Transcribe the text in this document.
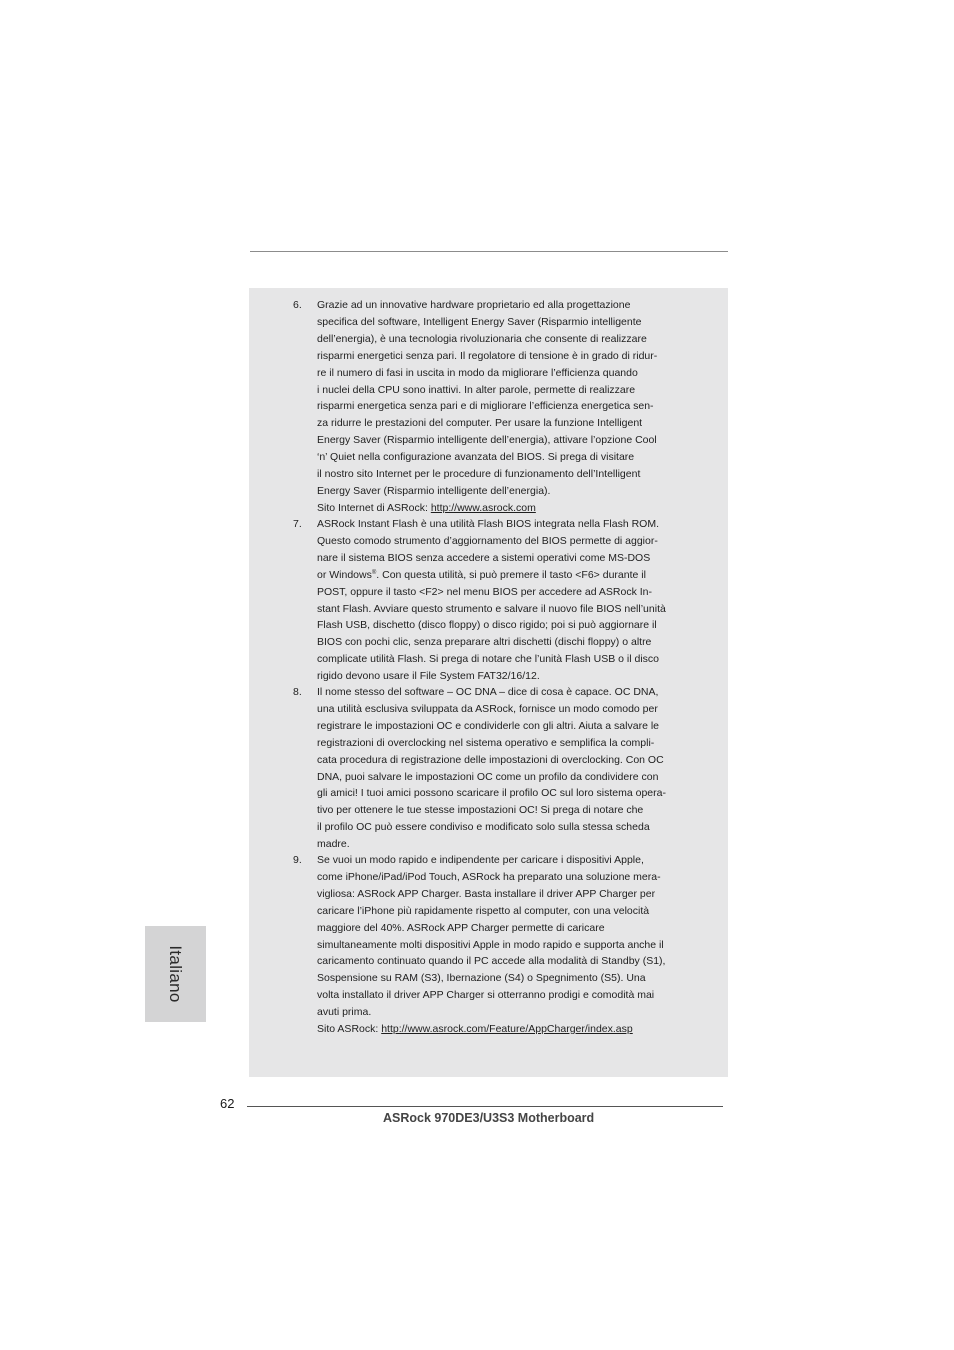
6. Grazie ad un innovative hardware proprietario ed alla progettazione
specifica del software, Intelligent Energy Saver (Risparmio intelligente
dell’energia), è una tecnologia rivoluzionaria che consente di realizzare
risparmi energetici senza pari. Il regolatore di tensione è in grado di ridur-
re il numero di fasi in uscita in modo da migliorare l’efficienza quando
i nuclei della CPU sono inattivi. In alter parole, permette di realizzare
risparmi energetica senza pari e di migliorare l’efficienza energetica sen-
za ridurre le prestazioni del computer. Per usare la funzione Intelligent
Energy Saver (Risparmio intelligente dell’energia), attivare l’opzione Cool
‘n’ Quiet nella configurazione avanzata del BIOS. Si prega di visitare
il nostro sito Internet per le procedure di funzionamento dell’Intelligent
Energy Saver (Risparmio intelligente dell’energia).
Sito Internet di ASRock: http://www.asrock.com
7. ASRock Instant Flash è una utilità Flash BIOS integrata nella Flash ROM.
Questo comodo strumento d’aggiornamento del BIOS permette di aggior-
nare il sistema BIOS senza accedere a sistemi operativi come MS-DOS
or Windows®. Con questa utilità, si può premere il tasto <F6> durante il
POST, oppure il tasto <F2> nel menu BIOS per accedere ad ASRock In-
stant Flash. Avviare questo strumento e salvare il nuovo file BIOS nell’unità
Flash USB, dischetto (disco floppy) o disco rigido; poi si può aggiornare il
BIOS con pochi clic, senza preparare altri dischetti (dischi floppy) o altre
complicate utilità Flash. Si prega di notare che l’unità Flash USB o il disco
rigido devono usare il File System FAT32/16/12.
8. Il nome stesso del software – OC DNA – dice di cosa è capace. OC DNA,
una utilità esclusiva sviluppata da ASRock, fornisce un modo comodo per
registrare le impostazioni OC e condividerle con gli altri. Aiuta a salvare le
registrazioni di overclocking nel sistema operativo e semplifica la compli-
cata procedura di registrazione delle impostazioni di overclocking. Con OC
DNA, puoi salvare le impostazioni OC come un profilo da condividere con
gli amici! I tuoi amici possono scaricare il profilo OC sul loro sistema opera-
tivo per ottenere le tue stesse impostazioni OC! Si prega di notare che
il profilo OC può essere condiviso e modificato solo sulla stessa scheda
madre.
9. Se vuoi un modo rapido e indipendente per caricare i dispositivi Apple,
come iPhone/iPad/iPod Touch, ASRock ha preparato una soluzione mera-
vigliosa: ASRock APP Charger. Basta installare il driver APP Charger per
caricare l’iPhone più rapidamente rispetto al computer, con una velocità
maggiore del 40%. ASRock APP Charger permette di caricare
simultaneamente molti dispositivi Apple in modo rapido e supporta anche il
caricamento continuato quando il PC accede alla modalità di Standby (S1),
Sospensione su RAM (S3), Ibernazione (S4) o Spegnimento (S5). Una
volta installato il driver APP Charger si otterranno prodigi e comodità mai
avuti prima.
Sito ASRock: http://www.asrock.com/Feature/AppCharger/index.asp
Italiano
62
ASRock 970DE3/U3S3 Motherboard
